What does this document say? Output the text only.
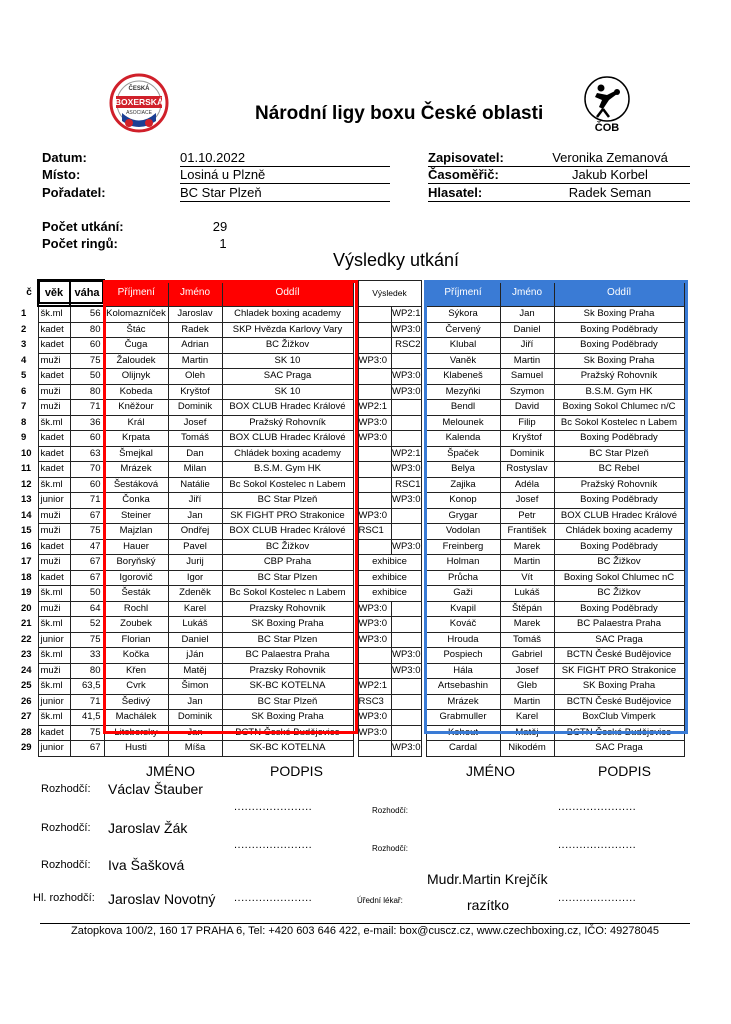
ČESKÁ
BOXERSKÁ
ASOCIACE	Národní ligy boxu České oblasti
ČOB
Datum:	01.10.2022
Místo:	Losiná u Plzně
Pořadatel:	BC Star Plzeň
Zapisovatel:	Veronika Zemanová
Časoměřič:	Jakub Korbel
Hlasatel:	Radek Seman
Počet utkání:	29
Počet ringů:	1
Výsledky utkání
č	věk	váha	Příjmení	Jméno	Oddíl		Výsledek			Příjmení	Jméno	Oddíl
1	šk.ml	56	Kolomazníček	Jaroslav	Chladek boxing academy			WP2:1		Sýkora	Jan	Sk Boxing Praha
2	kadet	80	Štác	Radek	SKP Hvězda Karlovy Vary			WP3:0		Červený	Daniel	Boxing Poděbrady
3	kadet	60	Čuga	Adrian	BC Žižkov			RSC2		Klubal	Jiří	Boxing Poděbrady
4	muži	75	Žaloudek	Martin	SK 10		WP3:0			Vaněk	Martin	Sk Boxing Praha
5	kadet	50	Olijnyk	Oleh	SAC Praga			WP3:0		Klabeneš	Samuel	Pražský Rohovník
6	muži	80	Kobeda	Kryštof	SK 10			WP3:0		Mezyňki	Szymon	B.S.M. Gym HK
7	muži	71	Kněžour	Dominik	BOX CLUB Hradec Králové		WP2:1			Bendl	David	Boxing Sokol Chlumec n/C
8	šk.ml	36	Král	Josef	Pražský Rohovník		WP3:0			Melounek	Filip	Bc Sokol Kostelec n Labem
9	kadet	60	Krpata	Tomáš	BOX CLUB Hradec Králové		WP3:0			Kalenda	Kryštof	Boxing Poděbrady
10	kadet	63	Šmejkal	Dan	Chládek boxing academy			WP2:1		Špaček	Dominik	BC Star Plzeň
11	kadet	70	Mrázek	Milan	B.S.M. Gym HK			WP3:0		Belya	Rostyslav	BC Rebel
12	šk.ml	60	Šestáková	Natálie	Bc Sokol Kostelec n Labem			RSC1		Zajika	Adéla	Pražský Rohovník
13	junior	71	Čonka	Jiří	BC Star Plzeň			WP3:0		Konop	Josef	Boxing Poděbrady
14	muži	67	Steiner	Jan	SK FIGHT PRO Strakonice		WP3:0			Grygar	Petr	BOX CLUB Hradec Králové
15	muži	75	Majzlan	Ondřej	BOX CLUB Hradec Králové		RSC1			Vodolan	František	Chládek boxing academy
16	kadet	47	Hauer	Pavel	BC Žižkov			WP3:0		Freinberg	Marek	Boxing Poděbrady
17	muži	67	Boryňský	Jurij	CBP Praha		exhibice			Holman	Martin	BC Žižkov
18	kadet	67	Igorovič	Igor	BC Star Plzen		exhibice			Průcha	Vít	Boxing Sokol Chlumec nC
19	šk.ml	50	Šesták	Zdeněk	Bc Sokol Kostelec n Labem		exhibice			Gaži	Lukáš	BC Žižkov
20	muži	64	Rochl	Karel	Prazsky Rohovnik		WP3:0			Kvapil	Štěpán	Boxing Poděbrady
21	šk.ml	52	Zoubek	Lukáš	SK Boxing Praha		WP3:0			Kováč	Marek	BC Palaestra Praha
22	junior	75	Florian	Daniel	BC Star Plzen		WP3:0			Hrouda	Tomáš	SAC Praga
23	šk.ml	33	Kočka	jJán	BC Palaestra Praha			WP3:0		Pospiech	Gabriel	BCTN České Budějovice
24	muži	80	Křen	Matěj	Prazsky Rohovnik			WP3:0		Hála	Josef	SK FIGHT PRO Strakonice
25	šk.ml	63,5	Cvrk	Šimon	SK-BC KOTELNA		WP2:1			Artsebashin	Gleb	SK Boxing Praha
26	junior	71	Šedivý	Jan	BC Star Plzeň		RSC3			Mrázek	Martin	BCTN České Budějovice
27	šk.ml	41,5	Machálek	Dominik	SK Boxing Praha		WP3:0			Grabmuller	Karel	BoxClub Vimperk
28	kadet	75	Litoborsky	Jan	BCTN České Budějovice		WP3:0			Kohout	Matěj	BCTN České Budějovice
29	junior	67	Husti	Míša	SK-BC KOTELNA			WP3:0		Cardal	Nikodém	SAC Praga
JMÉNO	PODPIS	JMÉNO	PODPIS
Rozhodčí: Václav Štauber
......................	Rozhodčí:	......................
Rozhodčí: Jaroslav Žák
......................	Rozhodčí:	......................
Rozhodčí: Iva Šašková
Mudr.Martin Krejčík
Hl. rozhodčí: Jaroslav Novotný ......................	Úřední lékař:	......................
razítko
Zatopkova 100/2, 160 17 PRAHA 6, Tel: +420 603 646 422, e-mail: box@cuscz.cz, www.czechboxing.cz, IČO: 49278045
